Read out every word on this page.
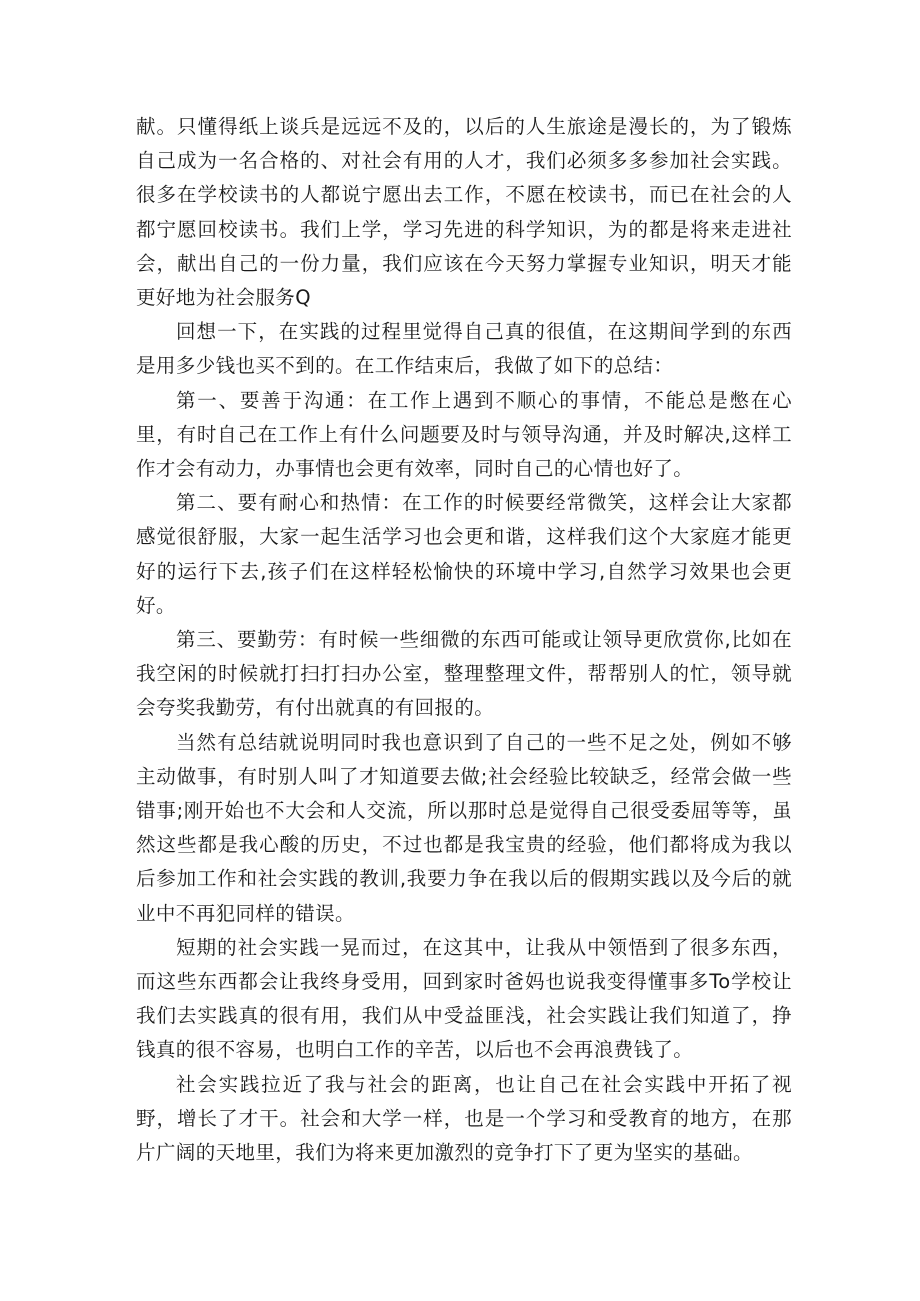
献。只懂得纸上谈兵是远远不及的，以后的人生旅途是漫长的，为了锻炼自己成为一名合格的、对社会有用的人才，我们必须多多参加社会实践。很多在学校读书的人都说宁愿出去工作，不愿在校读书，而已在社会的人都宁愿回校读书。我们上学，学习先进的科学知识，为的都是将来走进社会，献出自己的一份力量，我们应该在今天努力掌握专业知识，明天才能更好地为社会服务Q

回想一下，在实践的过程里觉得自己真的很值，在这期间学到的东西是用多少钱也买不到的。在工作结束后，我做了如下的总结：

第一、要善于沟通：在工作上遇到不顺心的事情，不能总是憋在心里，有时自己在工作上有什么问题要及时与领导沟通，并及时解决,这样工作才会有动力，办事情也会更有效率，同时自己的心情也好了。

第二、要有耐心和热情：在工作的时候要经常微笑，这样会让大家都感觉很舒服，大家一起生活学习也会更和谐，这样我们这个大家庭才能更好的运行下去,孩子们在这样轻松愉快的环境中学习,自然学习效果也会更好。

第三、要勤劳：有时候一些细微的东西可能或让领导更欣赏你,比如在我空闲的时候就打扫打扫办公室，整理整理文件，帮帮别人的忙，领导就会夸奖我勤劳，有付出就真的有回报的。

当然有总结就说明同时我也意识到了自己的一些不足之处，例如不够主动做事，有时别人叫了才知道要去做;社会经验比较缺乏，经常会做一些错事;刚开始也不大会和人交流，所以那时总是觉得自己很受委屈等等，虽然这些都是我心酸的历史，不过也都是我宝贵的经验，他们都将成为我以后参加工作和社会实践的教训,我要力争在我以后的假期实践以及今后的就业中不再犯同样的错误。

短期的社会实践一晃而过，在这其中，让我从中领悟到了很多东西，而这些东西都会让我终身受用，回到家时爸妈也说我变得懂事多To学校让我们去实践真的很有用，我们从中受益匪浅，社会实践让我们知道了，挣钱真的很不容易，也明白工作的辛苦，以后也不会再浪费钱了。

社会实践拉近了我与社会的距离，也让自己在社会实践中开拓了视野，增长了才干。社会和大学一样，也是一个学习和受教育的地方，在那片广阔的天地里，我们为将来更加激烈的竞争打下了更为坚实的基础。
